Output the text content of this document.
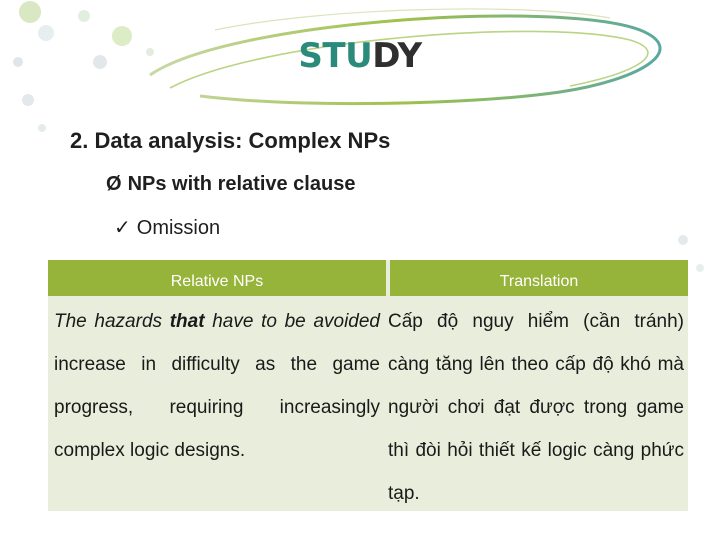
STUDY
2. Data analysis: Complex NPs
Ø NPs with relative clause
✓ Omission
Relative NPs	Translation
The hazards that have to be avoided increase in difficulty as the game progress, requiring increasingly complex logic designs.
Cấp độ nguy hiểm (cần tránh) càng tăng lên theo cấp độ khó mà người chơi đạt được trong game thì đòi hỏi thiết kế logic càng phức tạp.
